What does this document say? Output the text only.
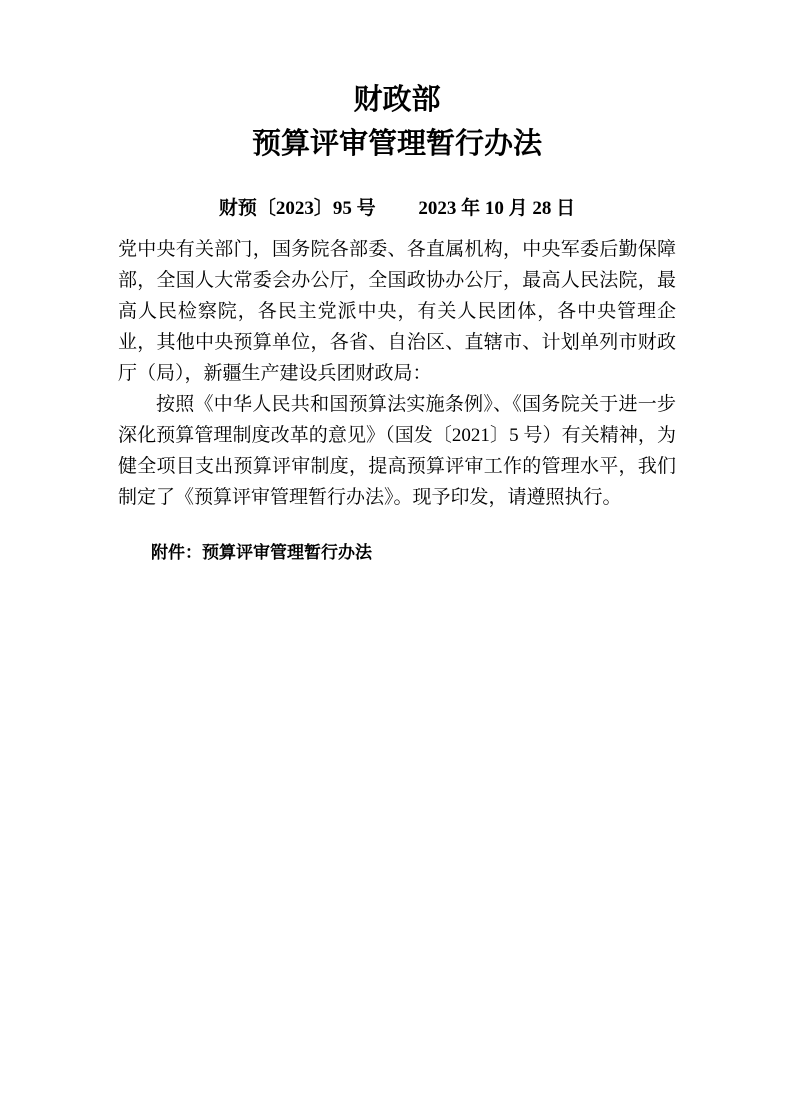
财政部
预算评审管理暂行办法
财预〔2023〕95 号 2023 年 10 月 28 日

党中央有关部门，国务院各部委、各直属机构，中央军委后勤保障部，全国人大常委会办公厅，全国政协办公厅，最高人民法院，最高人民检察院，各民主党派中央，有关人民团体，各中央管理企业，其他中央预算单位，各省、自治区、直辖市、计划单列市财政厅（局），新疆生产建设兵团财政局：

按照《中华人民共和国预算法实施条例》、《国务院关于进一步深化预算管理制度改革的意见》（国发〔2021〕5 号）有关精神，为健全项目支出预算评审制度，提高预算评审工作的管理水平，我们制定了《预算评审管理暂行办法》。现予印发，请遵照执行。

附件：预算评审管理暂行办法
